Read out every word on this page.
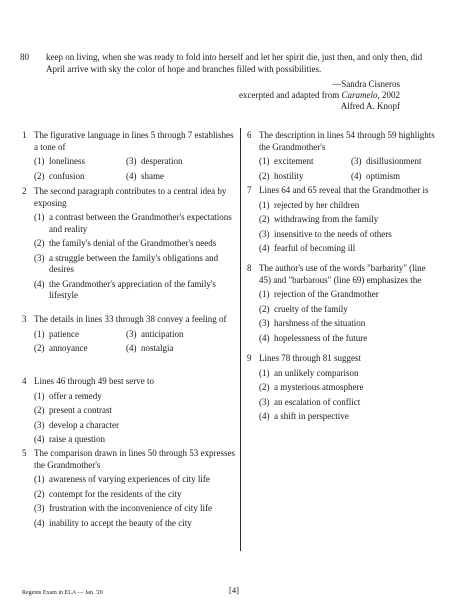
80 keep on living, when she was ready to fold into herself and let her spirit die, just then, and only then, did April arrive with sky the color of hope and branches filled with possibilities.

—Sandra Cisneros
excerpted and adapted from Caramelo, 2002
Alfred A. Knopf
1 The figurative language in lines 5 through 7 establishes a tone of
(1) loneliness	(3) desperation
(2) confusion	(4) shame
2 The second paragraph contributes to a central idea by exposing
(1) a contrast between the Grandmother's expectations and reality
(2) the family's denial of the Grandmother's needs
(3) a struggle between the family's obligations and desires
(4) the Grandmother's appreciation of the family's lifestyle
3 The details in lines 33 through 38 convey a feeling of
(1) patience	(3) anticipation
(2) annoyance	(4) nostalgia
4 Lines 46 through 49 best serve to
(1) offer a remedy
(2) present a contrast
(3) develop a character
(4) raise a question
5 The comparison drawn in lines 50 through 53 expresses the Grandmother's
(1) awareness of varying experiences of city life
(2) contempt for the residents of the city
(3) frustration with the inconvenience of city life
(4) inability to accept the beauty of the city
6 The description in lines 54 through 59 highlights the Grandmother's
(1) excitement	(3) disillusionment
(2) hostility	(4) optimism
7 Lines 64 and 65 reveal that the Grandmother is
(1) rejected by her children
(2) withdrawing from the family
(3) insensitive to the needs of others
(4) fearful of becoming ill
8 The author's use of the words "barbarity" (line 45) and "barbarous" (line 69) emphasizes the
(1) rejection of the Grandmother
(2) cruelty of the family
(3) harshness of the situation
(4) hopelessness of the future
9 Lines 78 through 81 suggest
(1) an unlikely comparison
(2) a mysterious atmosphere
(3) an escalation of conflict
(4) a shift in perspective
Regents Exam in ELA — Jan. '20	[4]
